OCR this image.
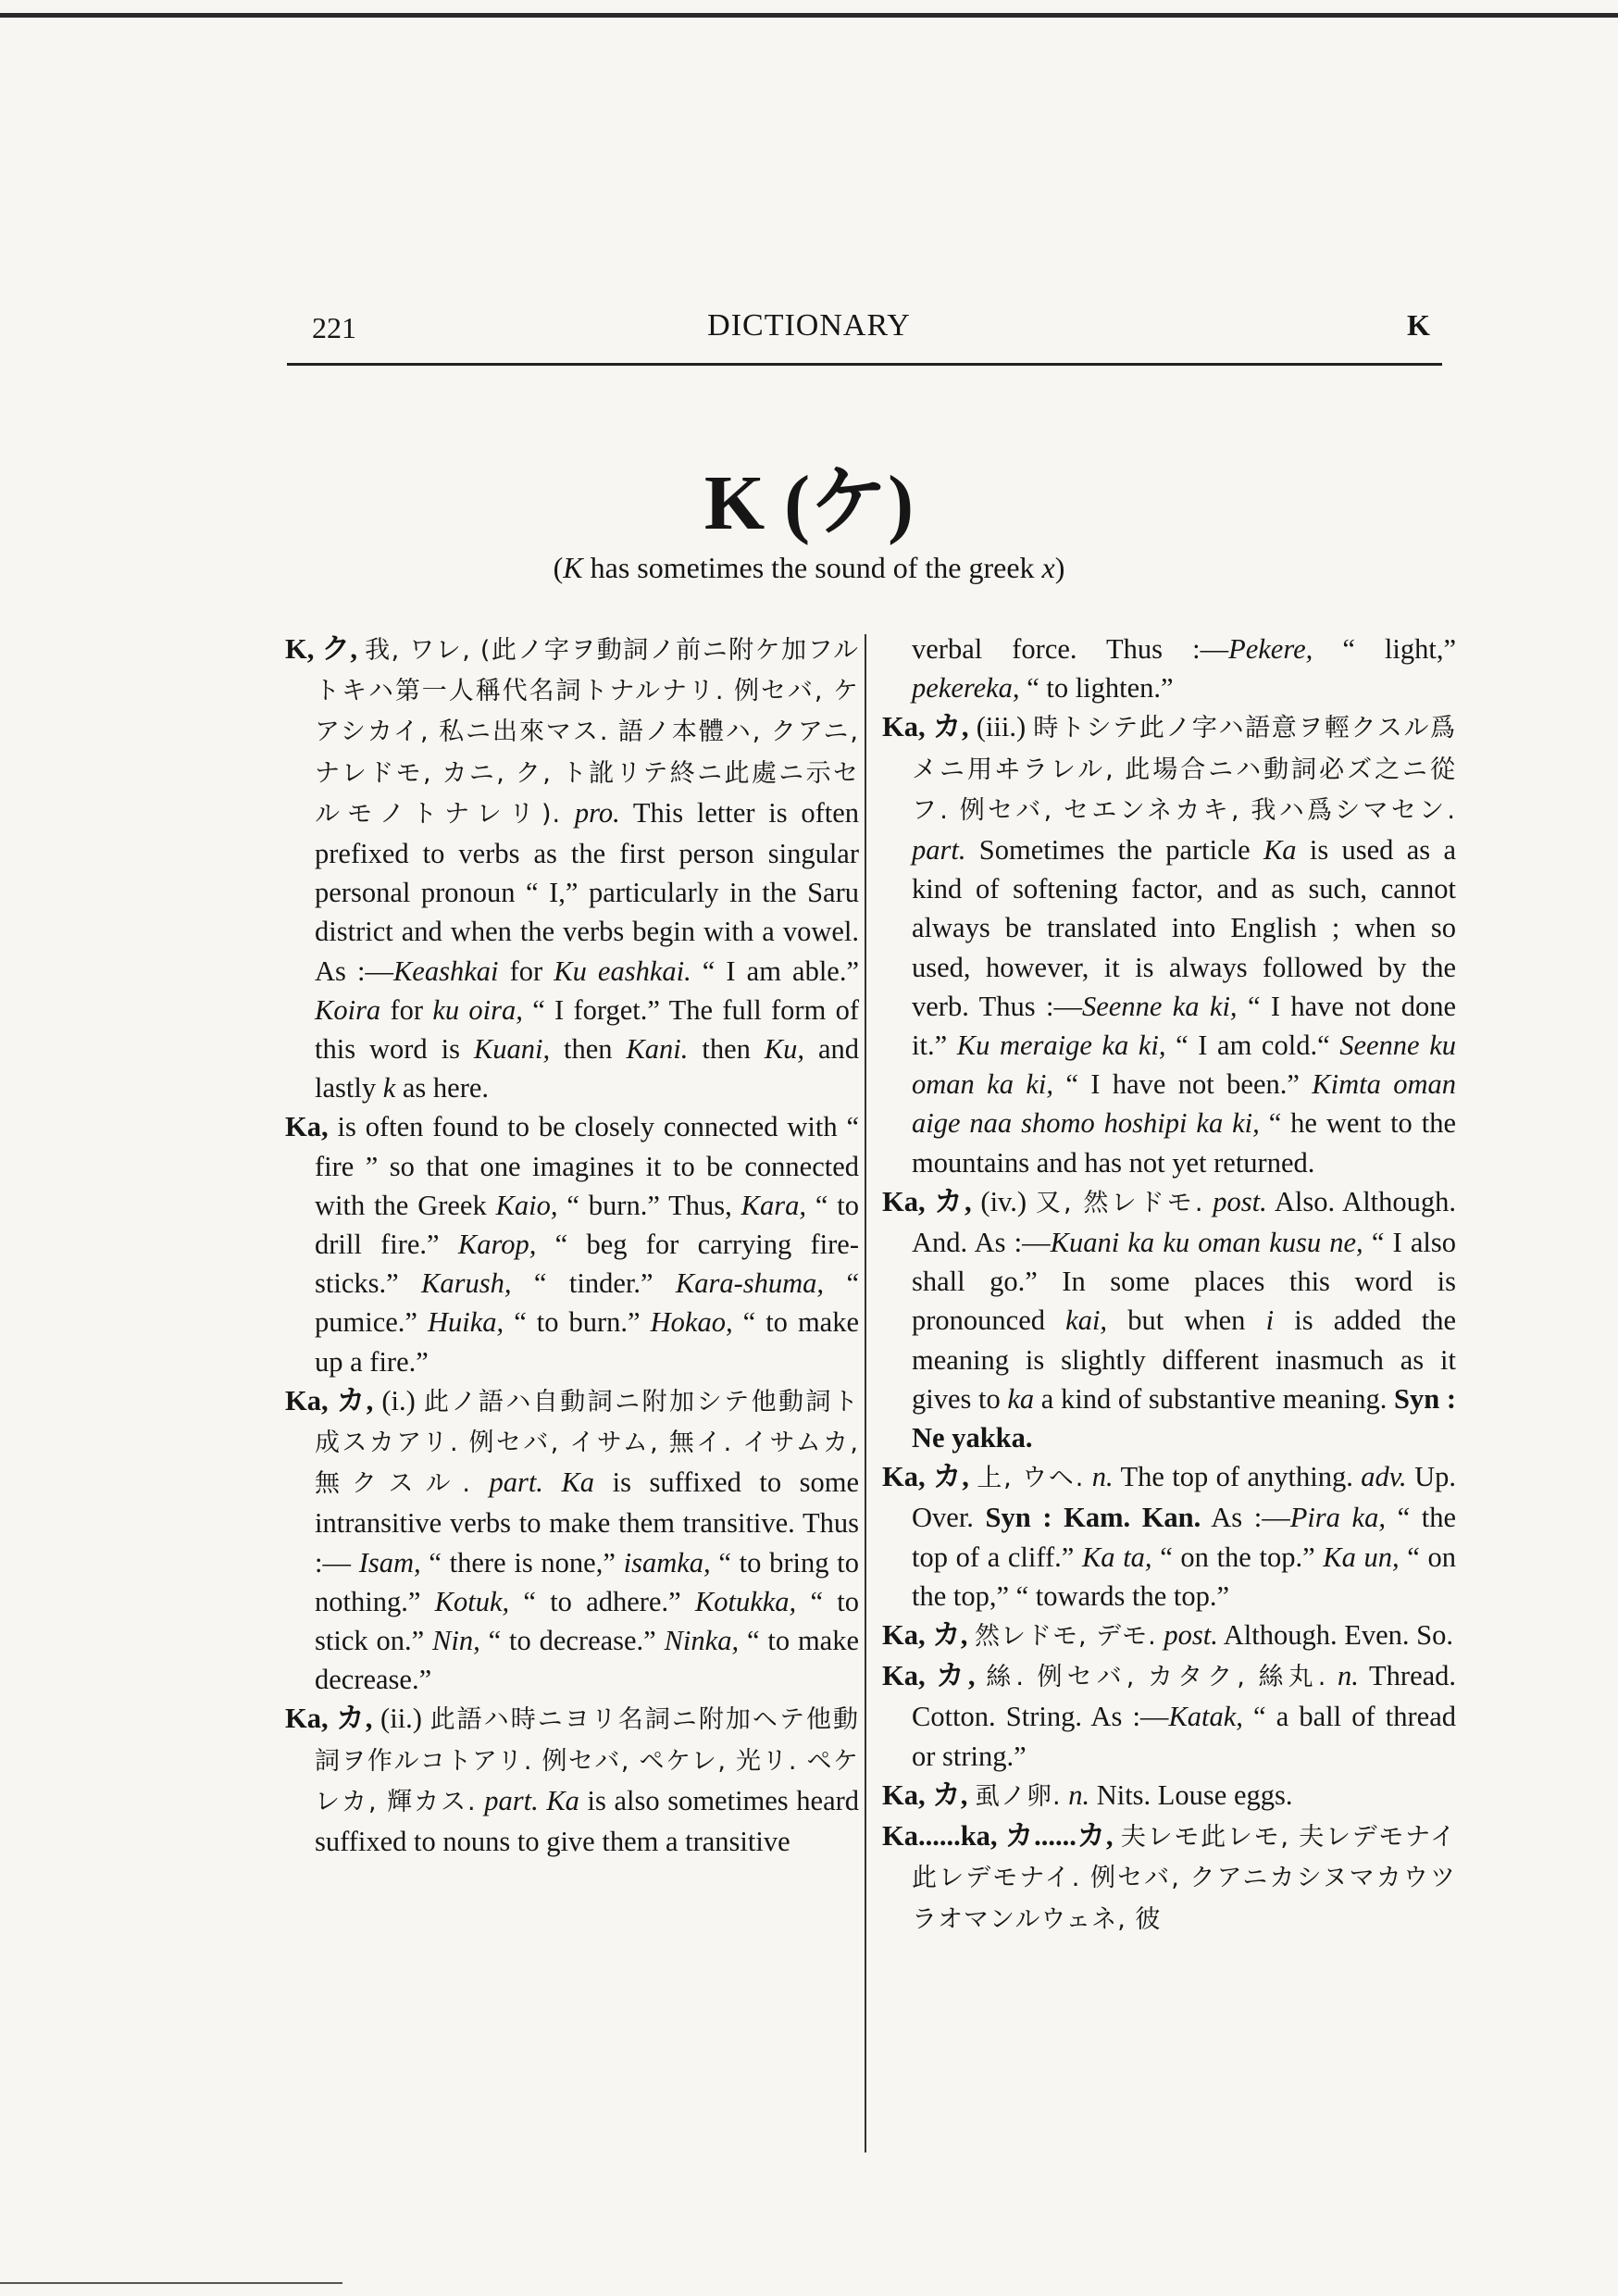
221	DICTIONARY	K
K (ケ)
(K has sometimes the sound of the greek x)

K, ク, 我, ワレ, (此ノ字ヲ動詞ノ前ニ附ケ加フルトキハ第一人稱代名詞トナルナリ. 例セバ, ケアシカイ, 私ニ出來マス. 語ノ本體ハ, クアニ, ナレドモ, カニ, ク, ト訛リテ終ニ此處ニ示セルモノトナレリ). pro. This letter is often prefixed to verbs as the first person singular personal pronoun “ I,” particularly in the Saru district and when the verbs begin with a vowel. As :—Keashkai for Ku eashkai. “ I am able.” Koira for ku oira, “ I forget.” The full form of this word is Kuani, then Kani. then Ku, and lastly k as here.

Ka, is often found to be closely connected with “ fire ” so that one imagines it to be connected with the Greek Kaio, “ burn.” Thus, Kara, “ to drill fire.” Karop, “ beg for carrying fire-sticks.” Karush, “ tinder.” Kara-shuma, “ pumice.” Huika, “ to burn.” Hokao, “ to make up a fire.”

Ka, カ, (i.) 此ノ語ハ自動詞ニ附加シテ他動詞ト成スカアリ. 例セバ, イサム, 無イ. イサムカ, 無クスル. part. Ka is suffixed to some intransitive verbs to make them transitive. Thus :— Isam, “ there is none,” isamka, “ to bring to nothing.” Kotuk, “ to adhere.” Kotukka, “ to stick on.” Nin, “ to decrease.” Ninka, “ to make decrease.”

Ka, カ, (ii.) 此語ハ時ニヨリ名詞ニ附加ヘテ他動詞ヲ作ルコトアリ. 例セバ, ペケレ, 光リ. ペケレカ, 輝カス. part. Ka is also sometimes heard suffixed to nouns to give them a transitive

verbal force. Thus :—Pekere, “ light,” pekereka, “ to lighten.”

Ka, カ, (iii.) 時トシテ此ノ字ハ語意ヲ輕クスル爲メニ用ヰラレル, 此場合ニハ動詞必ズ之ニ從フ. 例セバ, セエンネカキ, 我ハ爲シマセン. part. Sometimes the particle Ka is used as a kind of softening factor, and as such, cannot always be translated into English ; when so used, however, it is always followed by the verb. Thus :—Seenne ka ki, “ I have not done it.” Ku meraige ka ki, “ I am cold.“ Seenne ku oman ka ki, “ I have not been.” Kimta oman aige naa shomo hoshipi ka ki, “ he went to the mountains and has not yet returned.

Ka, カ, (iv.) 又, 然レドモ. post. Also. Although. And. As :—Kuani ka ku oman kusu ne, “ I also shall go.” In some places this word is pronounced kai, but when i is added the meaning is slightly different inasmuch as it gives to ka a kind of substantive meaning. Syn : Ne yakka.

Ka, カ, 上, ウヘ. n. The top of anything. adv. Up. Over. Syn : Kam. Kan. As :—Pira ka, “ the top of a cliff.” Ka ta, “ on the top.” Ka un, “ on the top,” “ towards the top.”

Ka, カ, 然レドモ, デモ. post. Although. Even. So.

Ka, カ, 絲. 例セバ, カタク, 絲丸. n. Thread. Cotton. String. As :—Katak, “ a ball of thread or string.”

Ka, カ, 虱ノ卵. n. Nits. Louse eggs.

Ka......ka, カ......カ, 夫レモ此レモ, 夫レデモナイ此レデモナイ. 例セバ, クアニカシヌマカウツラオマンルウェネ, 彼
